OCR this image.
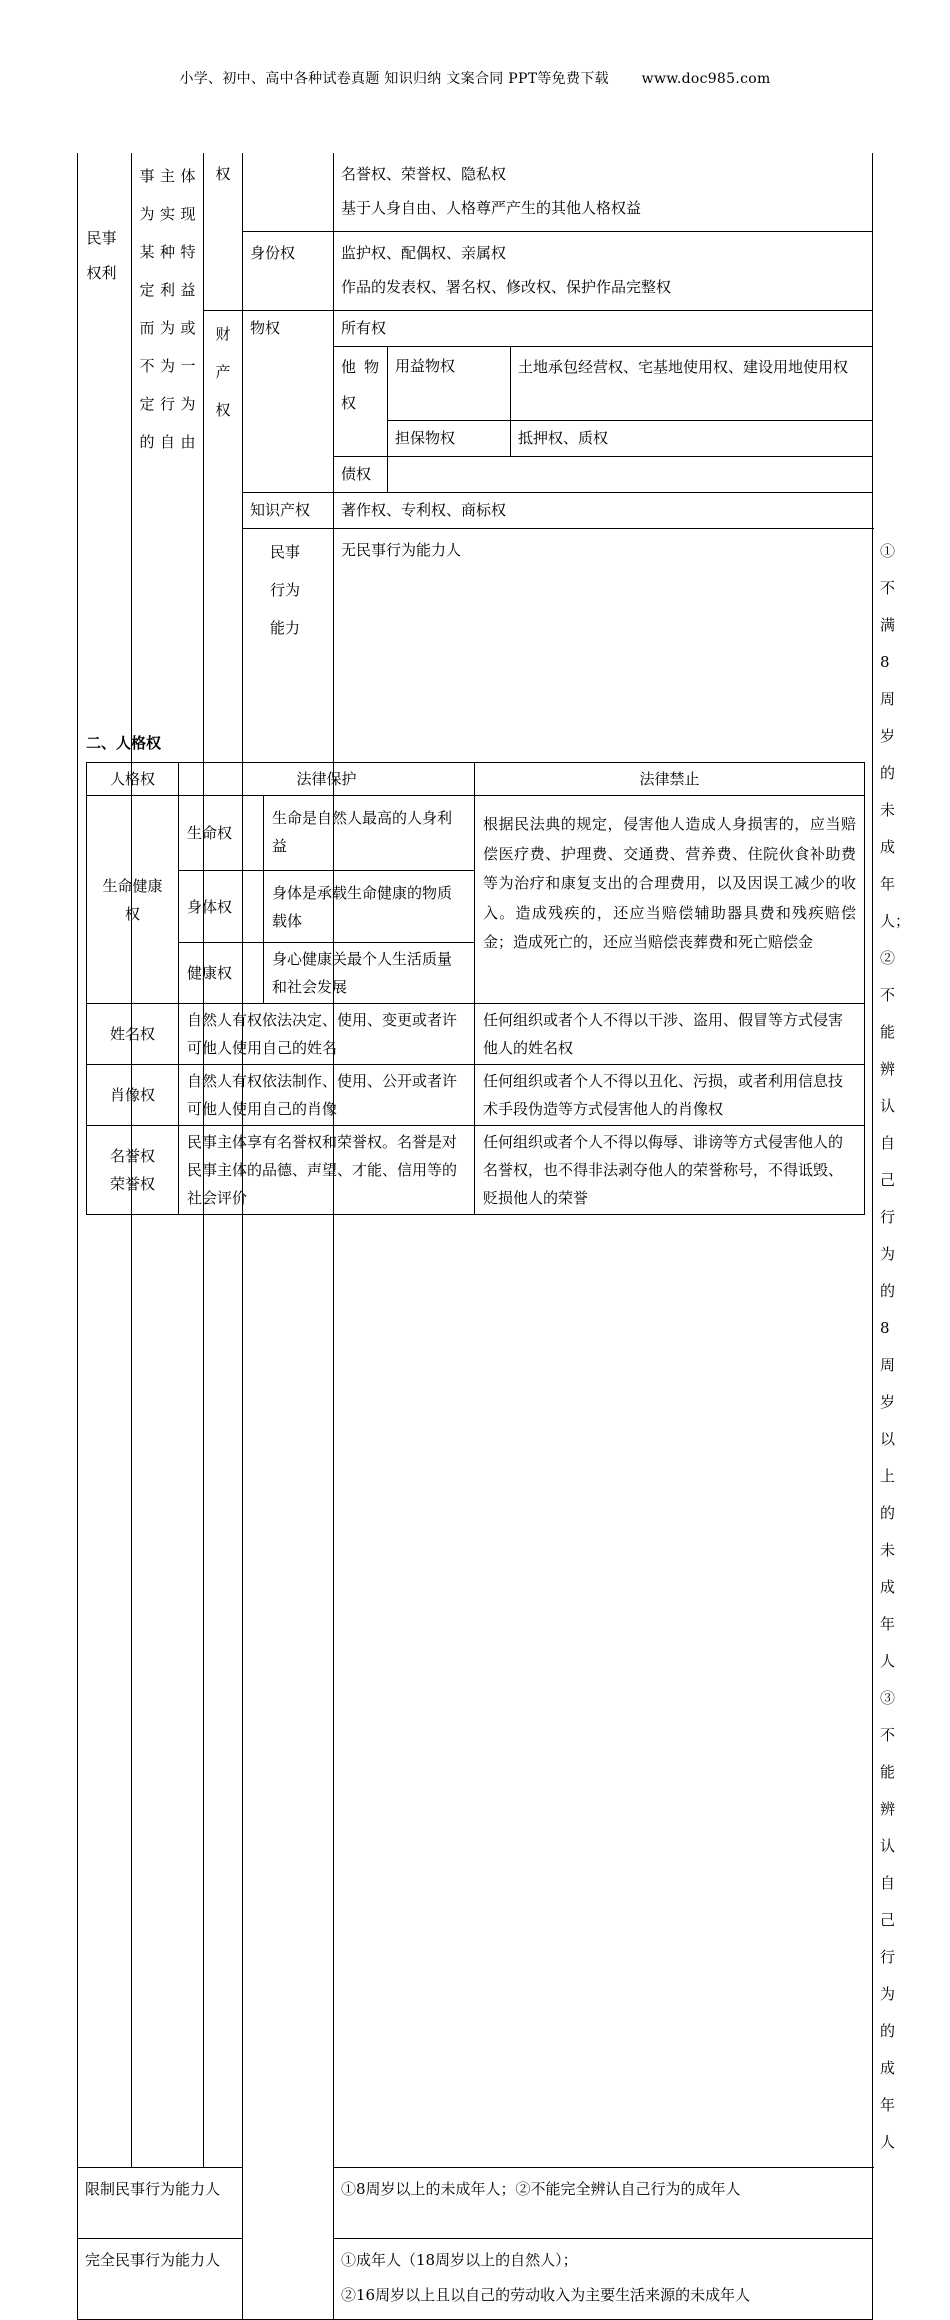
小学、初中、高中各种试卷真题 知识归纳 文案合同 PPT等免费下载 www.doc985.com
民事权利	事主体为实现某种特定利益而为或不为一定行为的自由	权		名誉权、荣誉权、隐私权
基于人身自由、人格尊严产生的其他人格权益			

			身份权	监护权、配偶权、亲属权
作品的发表权、署名权、修改权、保护作品完整权			

		财产权	物权	所有权			

				他物权	用益物权	土地承包经营权、宅基地使用权、建设用地使用权	
					担保物权	抵押权、质权	
				债权			
			知识产权	著作权、专利权、商标权			

			民事行为能力	无民事行为能力人			①不满8周岁的未成年人；②不能辨认自己行为的8周岁以上的未成年人
③不能辨认自己行为的成年人

限制民事行为能力人				①8周岁以上的未成年人；②不能完全辨认自己行为的成年人			

完全民事行为能力人				①成年人（18周岁以上的自然人）；
②16周岁以上且以自己的劳动收入为主要生活来源的未成年人			
二、人格权
人格权	法律保护		法律禁止

生命健康权	生命权	生命是自然人最高的人身利益	根据民法典的规定，侵害他人造成人身损害的，应当赔偿医疗费、护理费、交通费、营养费、住院伙食补助费等为治疗和康复支出的合理费用，以及因误工减少的收入。造成残疾的，还应当赔偿辅助器具费和残疾赔偿金；造成死亡的，还应当赔偿丧葬费和死亡赔偿金
	身体权	身体是承载生命健康的物质载体	
	健康权	身心健康关最个人生活质量和社会发展	
姓名权	自然人有权依法决定、使用、变更或者许可他人使用自己的姓名		任何组织或者个人不得以干涉、盗用、假冒等方式侵害他人的姓名权
肖像权	自然人有权依法制作、使用、公开或者许可他人使用自己的肖像		任何组织或者个人不得以丑化、污损，或者利用信息技术手段伪造等方式侵害他人的肖像权

名誉权
荣誉权	民事主体享有名誉权和荣誉权。名誉是对民事主体的品德、声望、才能、信用等的社会评价		任何组织或者个人不得以侮辱、诽谤等方式侵害他人的名誉权，也不得非法剥夺他人的荣誉称号，不得诋毁、贬损他人的荣誉
